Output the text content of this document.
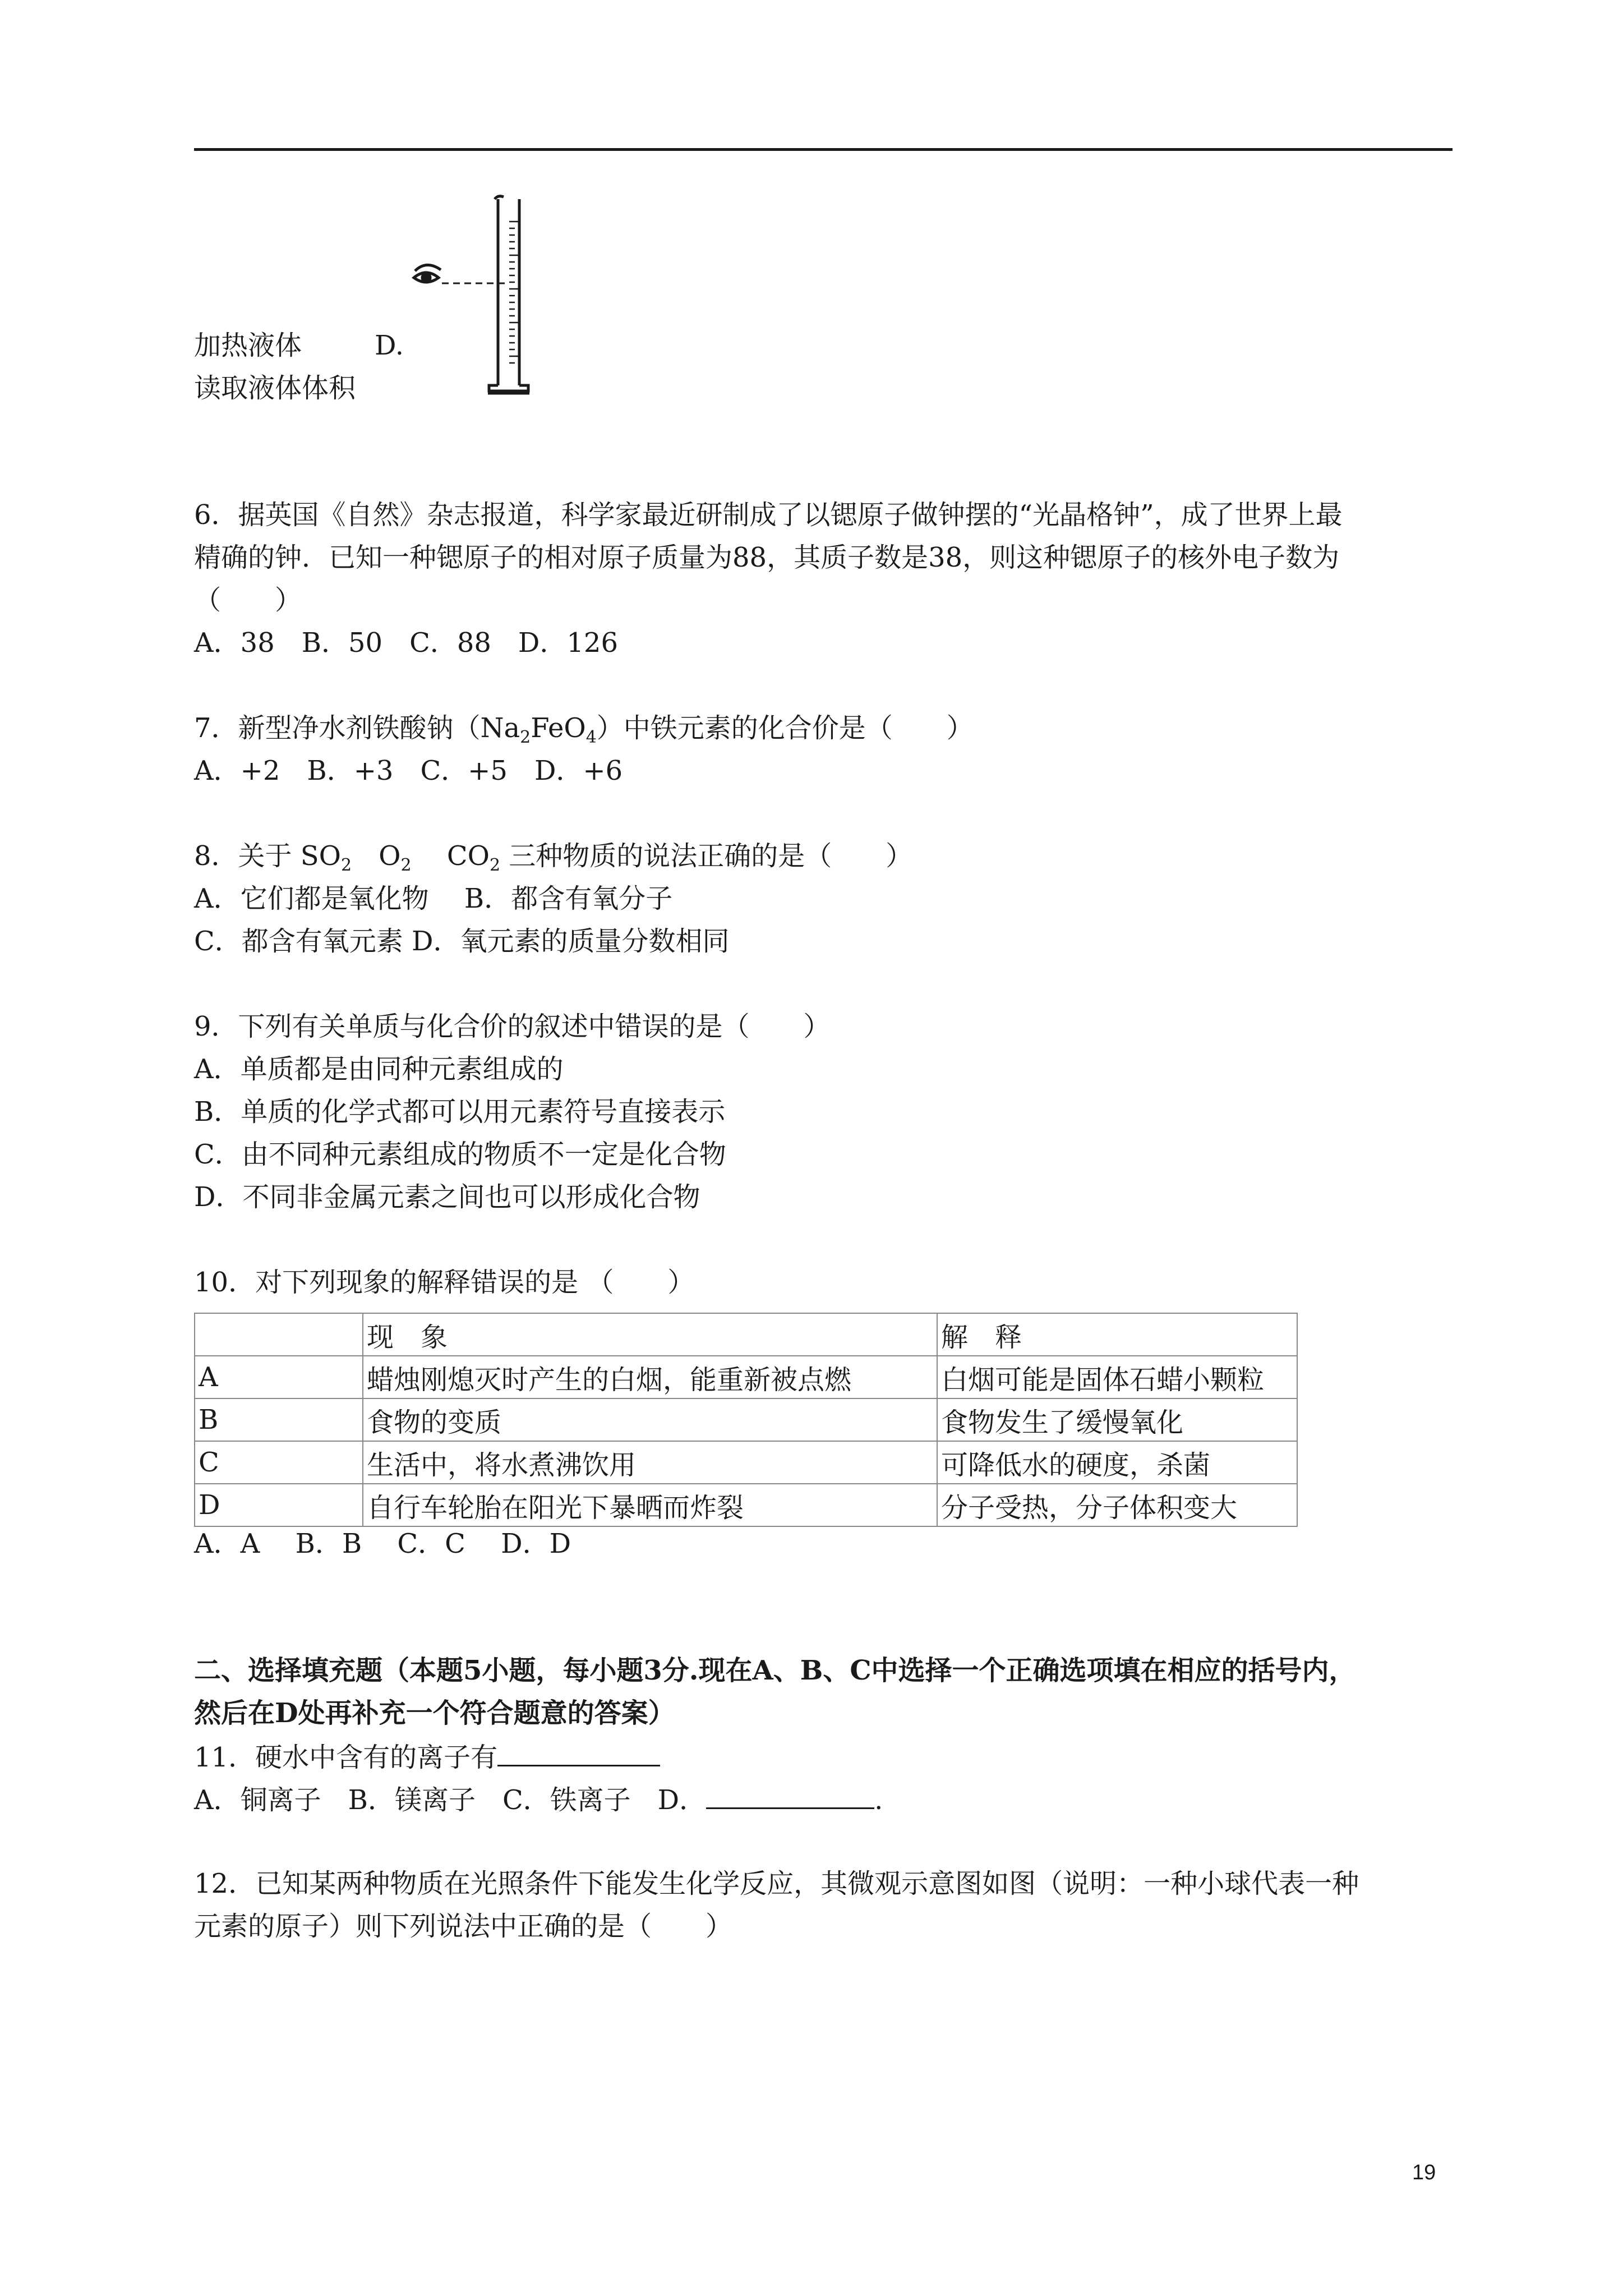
加热液体	D.
读取液体体积
6．据英国《自然》杂志报道，科学家最近研制成了以锶原子做钟摆的“光晶格钟”，成了世界上最
精确的钟．已知一种锶原子的相对原子质量为88，其质子数是38，则这种锶原子的核外电子数为
（　　）
A．38　B．50　C．88　D．126
7．新型净水剂铁酸钠$(Na_2FeO_4)$中铁元素的化合价是（　　）
A．+2　B．+3　C．+5　D．+6
8．关于 $SO_2$　$O_2$　 $CO_2$ 三种物质的说法正确的是（　　）
A．它们都是氧化物　 B．都含有氧分子
C．都含有氧元素 D．氧元素的质量分数相同
9．下列有关单质与化合价的叙述中错误的是（　　）
A．单质都是由同种元素组成的
B．单质的化学式都可以用元素符号直接表示
C．由不同种元素组成的物质不一定是化合物
D．不同非金属元素之间也可以形成化合物
10．对下列现象的解释错误的是 （　　）
	现　象	解　释
A	蜡烛刚熄灭时产生的白烟，能重新被点燃	白烟可能是固体石蜡小颗粒
B	食物的变质	食物发生了缓慢氧化
C	生活中，将水煮沸饮用	可降低水的硬度，杀菌
D	自行车轮胎在阳光下暴晒而炸裂	分子受热，分子体积变大
A．A　 B．B　 C．C　 D．D
二、选择填充题（本题5小题，每小题3分.现在A、B、C中选择一个正确选项填在相应的括号内，
然后在D处再补充一个符合题意的答案）
11．硬水中含有的离子有
A．铜离子　B．镁离子　C．铁离子　D．	.
12．已知某两种物质在光照条件下能发生化学反应，其微观示意图如图（说明：一种小球代表一种
元素的原子）则下列说法中正确的是（　　）
19
